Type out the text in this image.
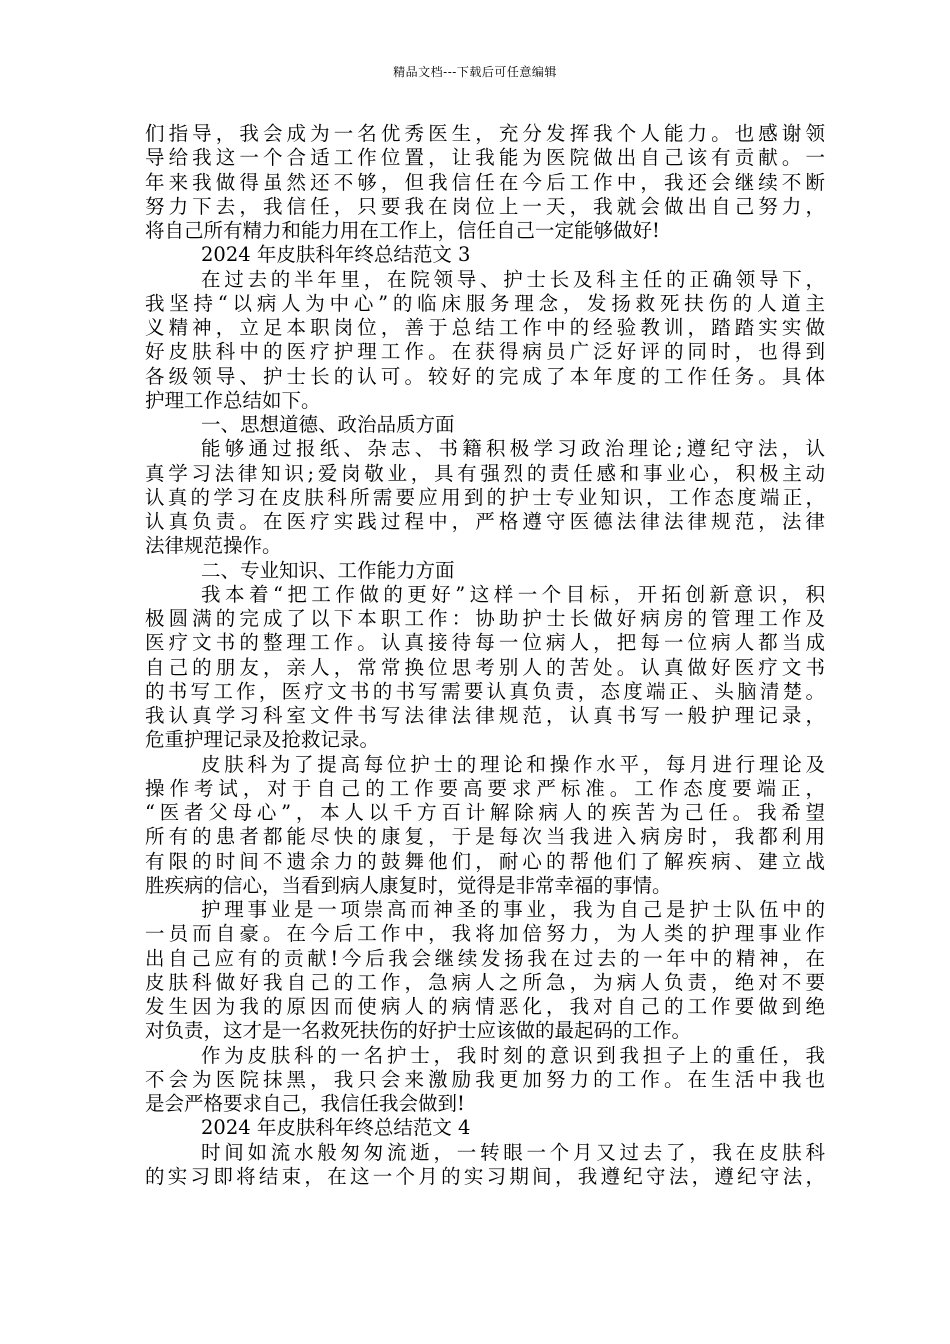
精品文档---下载后可任意编辑
们指导，我会成为一名优秀医生，充分发挥我个人能力。也感谢领
导给我这一个合适工作位置，让我能为医院做出自己该有贡献。一
年来我做得虽然还不够，但我信任在今后工作中，我还会继续不断
努力下去，我信任，只要我在岗位上一天，我就会做出自己努力，
将自己所有精力和能力用在工作上，信任自己一定能够做好!
2024 年皮肤科年终总结范文 3
在过去的半年里，在院领导、护士长及科主任的正确领导下，
我坚持“以病人为中心”的临床服务理念，发扬救死扶伤的人道主
义精神，立足本职岗位，善于总结工作中的经验教训，踏踏实实做
好皮肤科中的医疗护理工作。在获得病员广泛好评的同时，也得到
各级领导、护士长的认可。较好的完成了本年度的工作任务。具体
护理工作总结如下。
一、思想道德、政治品质方面
能够通过报纸、杂志、书籍积极学习政治理论;遵纪守法，认
真学习法律知识;爱岗敬业，具有强烈的责任感和事业心，积极主动
认真的学习在皮肤科所需要应用到的护士专业知识，工作态度端正，
认真负责。在医疗实践过程中，严格遵守医德法律法律规范，法律
法律规范操作。
二、专业知识、工作能力方面
我本着“把工作做的更好”这样一个目标，开拓创新意识，积
极圆满的完成了以下本职工作：协助护士长做好病房的管理工作及
医疗文书的整理工作。认真接待每一位病人，把每一位病人都当成
自己的朋友，亲人，常常换位思考别人的苦处。认真做好医疗文书
的书写工作，医疗文书的书写需要认真负责，态度端正、头脑清楚。
我认真学习科室文件书写法律法律规范，认真书写一般护理记录，
危重护理记录及抢救记录。
皮肤科为了提高每位护士的理论和操作水平，每月进行理论及
操作考试，对于自己的工作要高要求严标准。工作态度要端正，
“医者父母心”，本人以千方百计解除病人的疾苦为己任。我希望
所有的患者都能尽快的康复，于是每次当我进入病房时，我都利用
有限的时间不遗余力的鼓舞他们，耐心的帮他们了解疾病、建立战
胜疾病的信心，当看到病人康复时，觉得是非常幸福的事情。
护理事业是一项崇高而神圣的事业，我为自己是护士队伍中的
一员而自豪。在今后工作中，我将加倍努力，为人类的护理事业作
出自己应有的贡献!今后我会继续发扬我在过去的一年中的精神，在
皮肤科做好我自己的工作，急病人之所急，为病人负责，绝对不要
发生因为我的原因而使病人的病情恶化，我对自己的工作要做到绝
对负责，这才是一名救死扶伤的好护士应该做的最起码的工作。
作为皮肤科的一名护士，我时刻的意识到我担子上的重任，我
不会为医院抹黑，我只会来激励我更加努力的工作。在生活中我也
是会严格要求自己，我信任我会做到!
2024 年皮肤科年终总结范文 4
时间如流水般匆匆流逝，一转眼一个月又过去了，我在皮肤科
的实习即将结束，在这一个月的实习期间，我遵纪守法，遵纪守法，
